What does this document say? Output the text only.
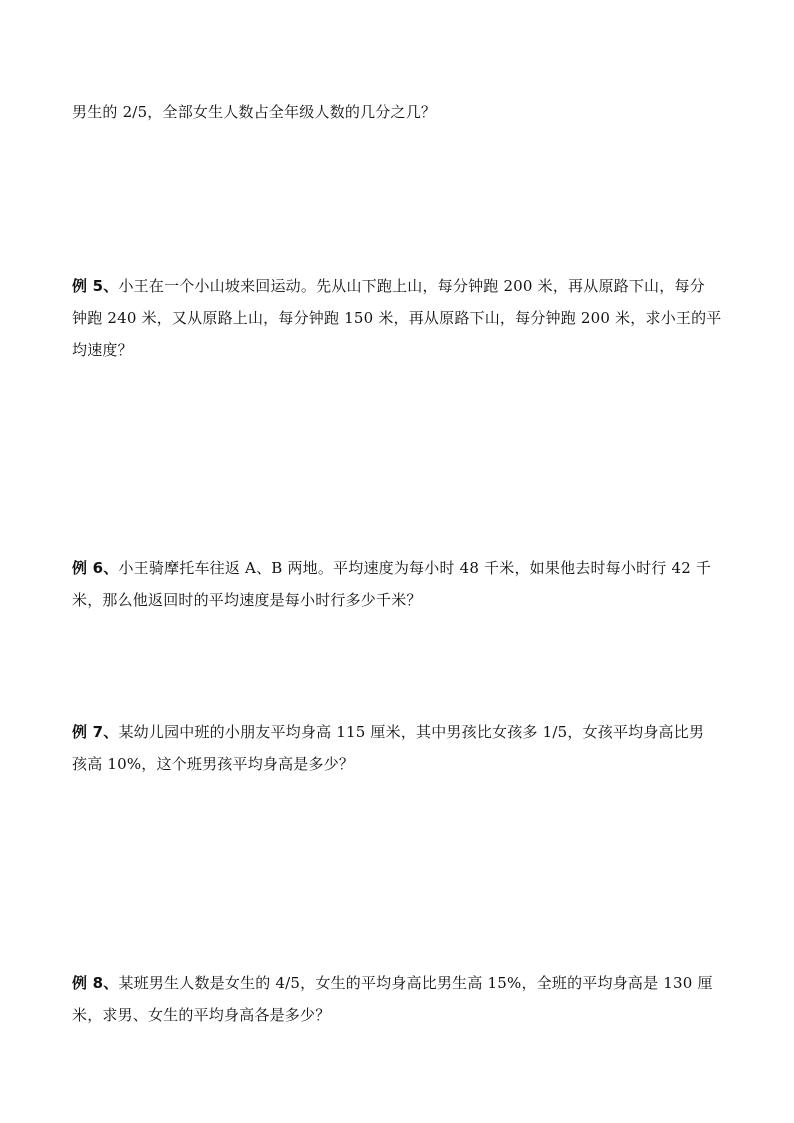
男生的 2/5，全部女生人数占全年级人数的几分之几？
例 5、小王在一个小山坡来回运动。先从山下跑上山，每分钟跑 200 米，再从原路下山，每分
钟跑 240 米，又从原路上山，每分钟跑 150 米，再从原路下山，每分钟跑 200 米，求小王的平
均速度？
例 6、小王骑摩托车往返 A、B 两地。平均速度为每小时 48 千米，如果他去时每小时行 42 千
米，那么他返回时的平均速度是每小时行多少千米？
例 7、某幼儿园中班的小朋友平均身高 115 厘米，其中男孩比女孩多 1/5，女孩平均身高比男
孩高 10%，这个班男孩平均身高是多少？
例 8、某班男生人数是女生的 4/5，女生的平均身高比男生高 15%，全班的平均身高是 130 厘
米，求男、女生的平均身高各是多少？
